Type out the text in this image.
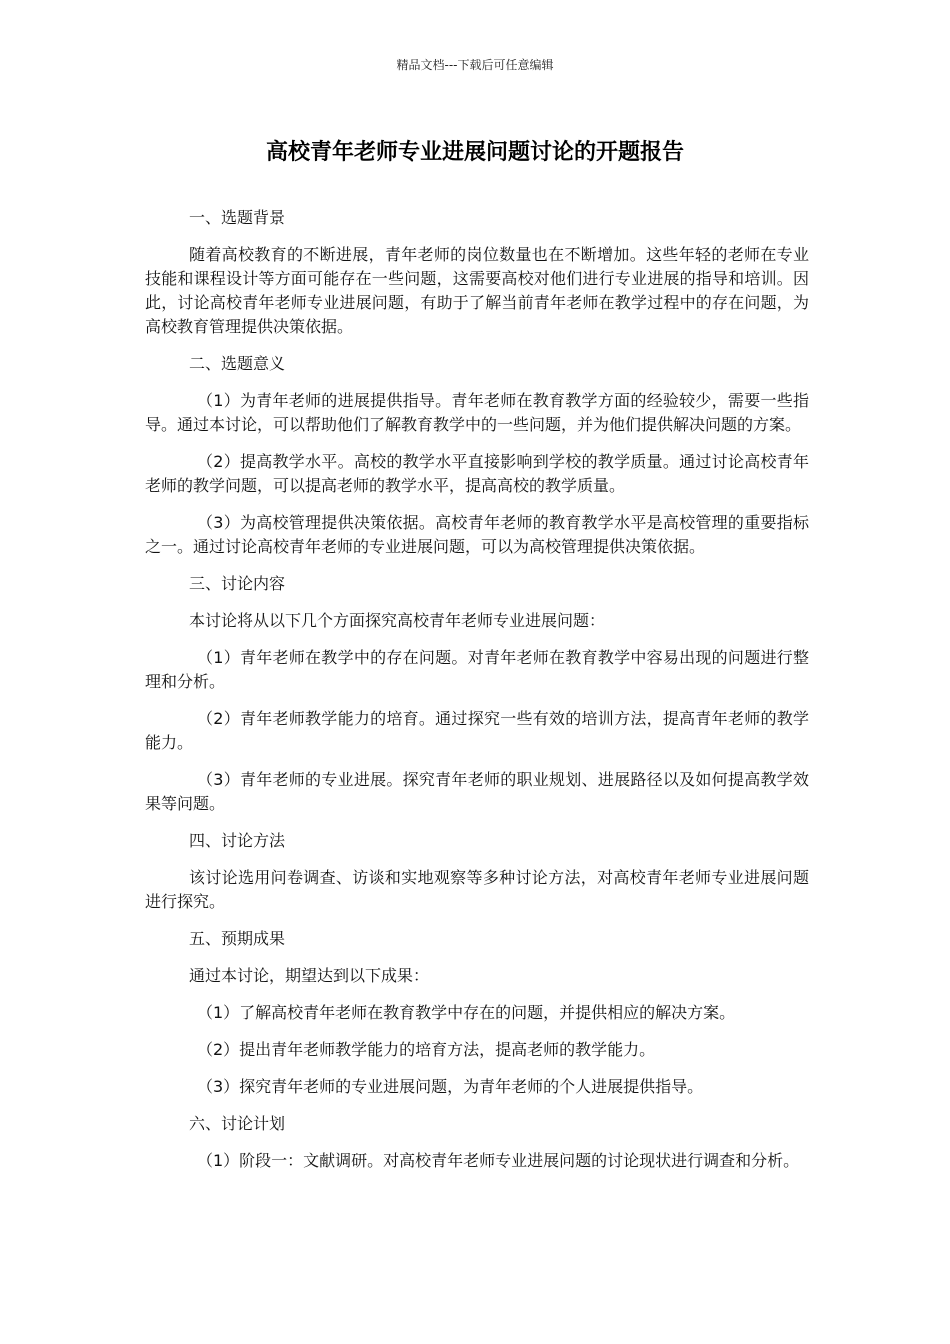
精品文档---下载后可任意编辑
高校青年老师专业进展问题讨论的开题报告

一、选题背景

随着高校教育的不断进展，青年老师的岗位数量也在不断增加。这些年轻的老师在专业技能和课程设计等方面可能存在一些问题，这需要高校对他们进行专业进展的指导和培训。因此，讨论高校青年老师专业进展问题，有助于了解当前青年老师在教学过程中的存在问题，为高校教育管理提供决策依据。

二、选题意义

（1）为青年老师的进展提供指导。青年老师在教育教学方面的经验较少，需要一些指导。通过本讨论，可以帮助他们了解教育教学中的一些问题，并为他们提供解决问题的方案。

（2）提高教学水平。高校的教学水平直接影响到学校的教学质量。通过讨论高校青年老师的教学问题，可以提高老师的教学水平，提高高校的教学质量。

（3）为高校管理提供决策依据。高校青年老师的教育教学水平是高校管理的重要指标之一。通过讨论高校青年老师的专业进展问题，可以为高校管理提供决策依据。

三、讨论内容

本讨论将从以下几个方面探究高校青年老师专业进展问题：

（1）青年老师在教学中的存在问题。对青年老师在教育教学中容易出现的问题进行整理和分析。

（2）青年老师教学能力的培育。通过探究一些有效的培训方法，提高青年老师的教学能力。

（3）青年老师的专业进展。探究青年老师的职业规划、进展路径以及如何提高教学效果等问题。

四、讨论方法

该讨论选用问卷调查、访谈和实地观察等多种讨论方法，对高校青年老师专业进展问题进行探究。

五、预期成果

通过本讨论，期望达到以下成果：

（1）了解高校青年老师在教育教学中存在的问题，并提供相应的解决方案。

（2）提出青年老师教学能力的培育方法，提高老师的教学能力。

（3）探究青年老师的专业进展问题，为青年老师的个人进展提供指导。

六、讨论计划

（1）阶段一：文献调研。对高校青年老师专业进展问题的讨论现状进行调查和分析。
